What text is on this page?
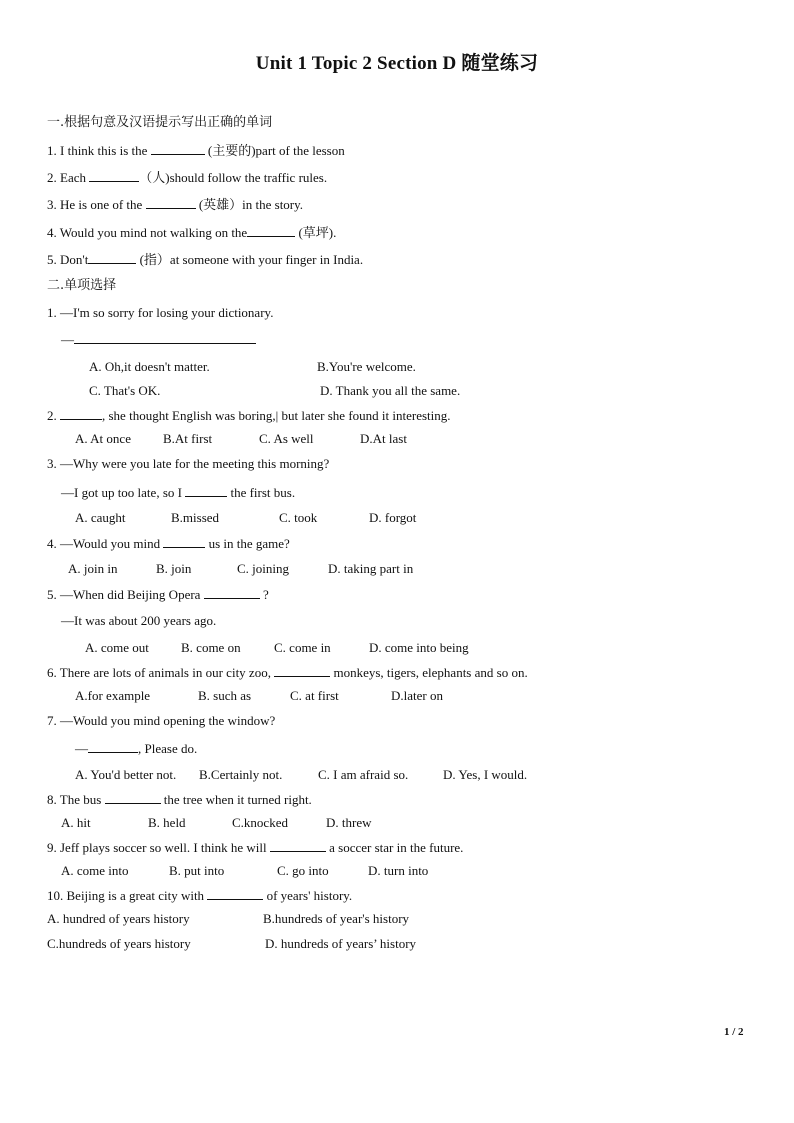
Unit 1 Topic 2 Section D 随堂练习
一.根据句意及汉语提示写出正确的单词
1. I think this is the	(主要的)part of the lesson
2. Each	（人)should follow the traffic rules.
3. He is one of the	(英雄）in the story.
4. Would you mind not walking on the	(草坪).
5. Don't	(指）at someone with your finger in India.
二.单项选择
1. —I'm so sorry for losing your dictionary.
—
A. Oh,it doesn't matter.	B.You're welcome.
C. That's OK.	D. Thank you all the same.
2.	, she thought English was boring,| but later she found it interesting.
A. At once B.At first	C. As well	D.At last
3. —Why were you late for the meeting this morning?
—I got up too late, so I	the first bus.
A. caught	B.missed	C. took	D. forgot
4. —Would you mind	us in the game?
A. join in	B. join	C. joining	D. taking part in
5. —When did Beijing Opera	?
—It was about 200 years ago.
A. come out B. come on	C. come in	D. come into being
6. There are lots of animals in our city zoo,	monkeys, tigers, elephants and so on.
A.for example	B. such as	C. at first	D.later on
7. —Would you mind opening the window?
—	, Please do.
A. You'd better not. B.Certainly not.	C. I am afraid so.	D. Yes, I would.
8. The bus	the tree when it turned right.
A. hit	B. held	C.knocked	D. threw
9. Jeff plays soccer so well. I think he will	a soccer star in the future.
A. come into	B. put into	C. go into	D. turn into
10. Beijing is a great city with	of years' history.
A. hundred of years history	B.hundreds of year's history
C.hundreds of years history	D. hundreds of years’ history
1 / 2
